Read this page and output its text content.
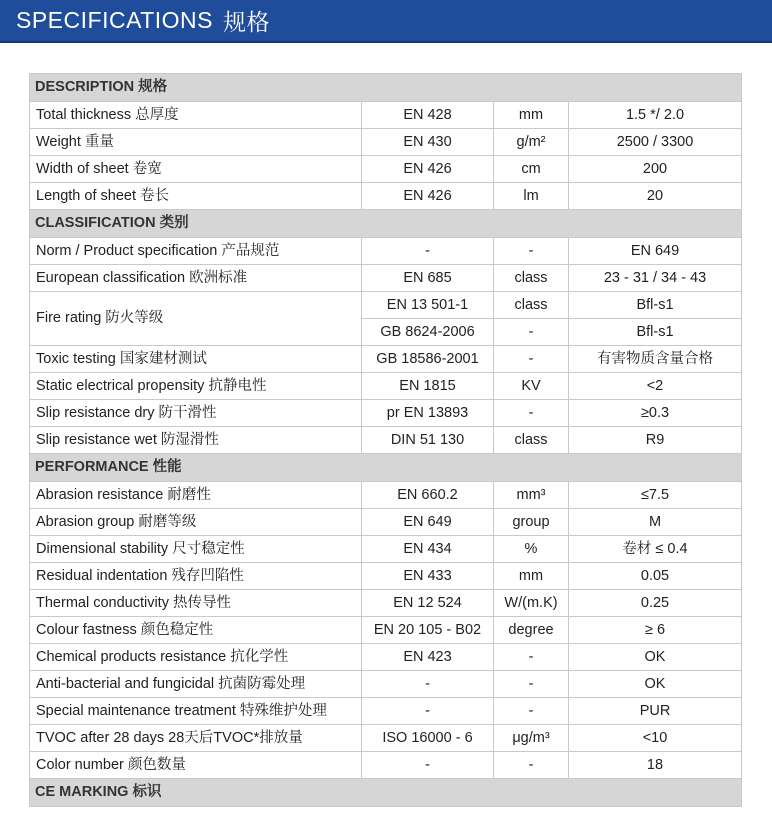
SPECIFICATIONS 规格
DESCRIPTION 规格			
Total thickness 总厚度	EN 428	mm	1.5 */ 2.0
Weight 重量	EN 430	g/m²	2500 / 3300
Width of sheet 卷宽	EN 426	cm	200
Length of sheet 卷长	EN 426	lm	20
CLASSIFICATION 类别			
Norm / Product specification 产品规范	-	-	EN 649
European classification 欧洲标准	EN 685	class	23 - 31 / 34 - 43
Fire rating 防火等级	EN 13 501-1	class	Bfl-s1
	GB 8624-2006	-	Bfl-s1
Toxic testing 国家建材测试	GB 18586-2001	-	有害物质含量合格
Static electrical propensity 抗静电性	EN 1815	KV	<2
Slip resistance dry 防干滑性	pr EN 13893	-	≥0.3
Slip resistance wet 防湿滑性	DIN 51 130	class	R9
PERFORMANCE 性能			
Abrasion resistance 耐磨性	EN 660.2	mm³	≤7.5
Abrasion group 耐磨等级	EN 649	group	M
Dimensional stability 尺寸稳定性	EN 434	%	卷材 ≤ 0.4
Residual indentation 残存凹陷性	EN 433	mm	0.05
Thermal conductivity 热传导性	EN 12 524	W/(m.K)	0.25
Colour fastness 颜色稳定性	EN 20 105 - B02	degree	≥ 6
Chemical products resistance 抗化学性	EN 423	-	OK
Anti-bacterial and fungicidal 抗菌防霉处理	-	-	OK
Special maintenance treatment 特殊维护处理	-	-	PUR
TVOC after 28 days 28天后TVOC*排放量	ISO 16000 - 6	μg/m³	<10
Color number 颜色数量	-	-	18
CE MARKING 标识			
